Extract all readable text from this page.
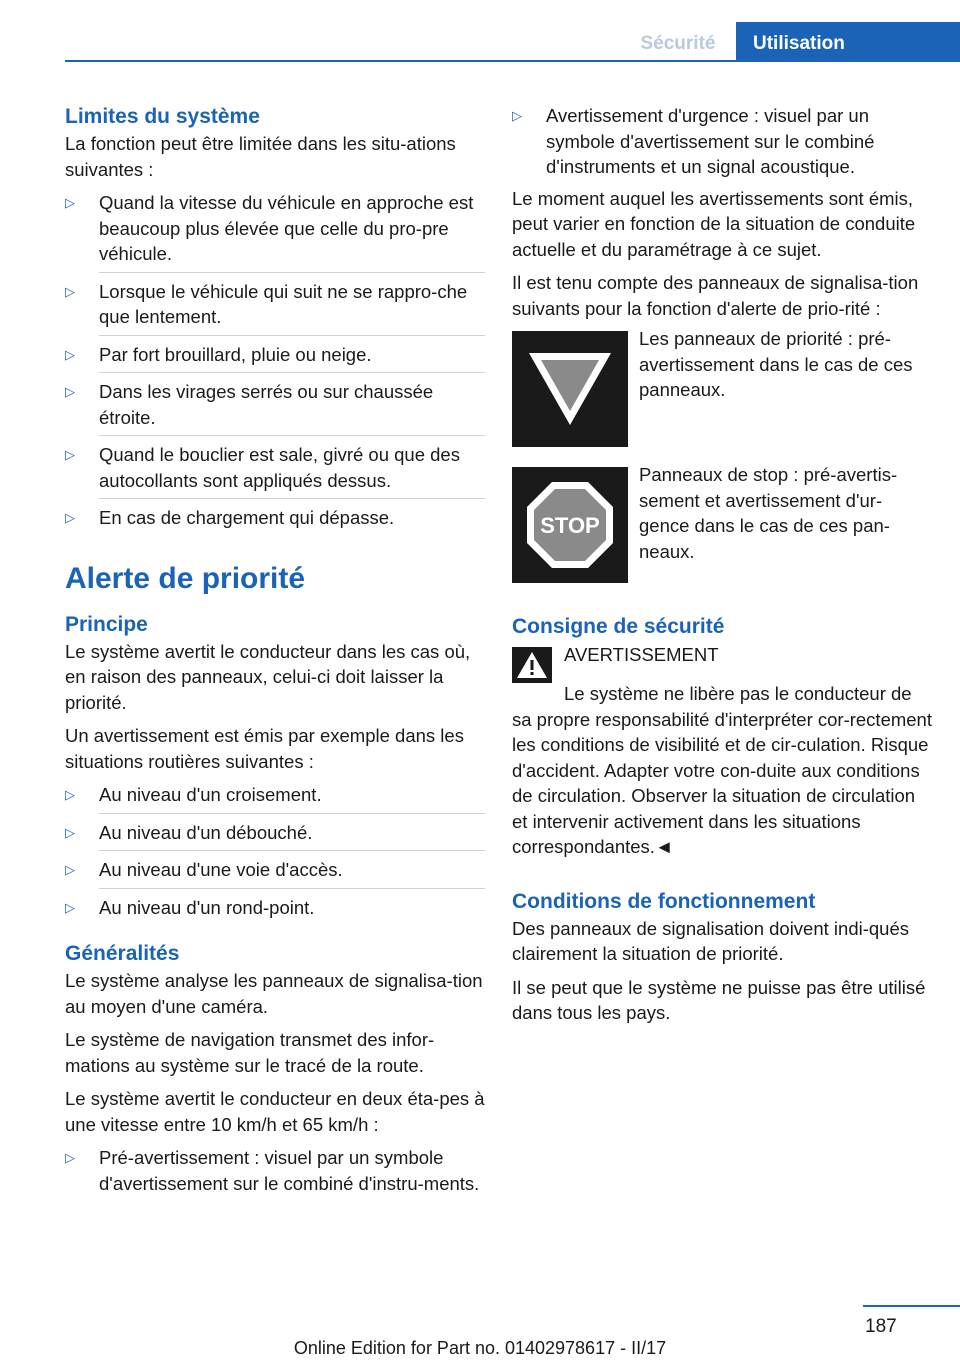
Sécurité	Utilisation
Limites du système

La fonction peut être limitée dans les situ-ations suivantes :

▷ Quand la vitesse du véhicule en approche est beaucoup plus élevée que celle du pro-pre véhicule.
▷ Lorsque le véhicule qui suit ne se rappro-che que lentement.
▷ Par fort brouillard, pluie ou neige.
▷ Dans les virages serrés ou sur chaussée étroite.
▷ Quand le bouclier est sale, givré ou que des autocollants sont appliqués dessus.
▷ En cas de chargement qui dépasse.
Alerte de priorité
Principe

Le système avertit le conducteur dans les cas où, en raison des panneaux, celui-ci doit laisser la priorité.

Un avertissement est émis par exemple dans les situations routières suivantes :

▷ Au niveau d'un croisement.
▷ Au niveau d'un débouché.
▷ Au niveau d'une voie d'accès.
▷ Au niveau d'un rond-point.
Généralités

Le système analyse les panneaux de signalisa-tion au moyen d'une caméra.

Le système de navigation transmet des infor-mations au système sur le tracé de la route.

Le système avertit le conducteur en deux éta-pes à une vitesse entre 10 km/h et 65 km/h :

▷ Pré-avertissement : visuel par un symbole d'avertissement sur le combiné d'instru-ments.
▷ Avertissement d'urgence : visuel par un symbole d'avertissement sur le combiné d'instruments et un signal acoustique.

Le moment auquel les avertissements sont émis, peut varier en fonction de la situation de conduite actuelle et du paramétrage à ce sujet.

Il est tenu compte des panneaux de signalisa-tion suivants pour la fonction d'alerte de prio-rité :

Les panneaux de priorité : pré-avertissement dans le cas de ces panneaux.
STOP
Panneaux de stop : pré-avertis-sement et avertissement d'ur-gence dans le cas de ces pan-neaux.
Consigne de sécurité
AVERTISSEMENT

Le système ne libère pas le conducteur de sa propre responsabilité d'interpréter cor-rectement les conditions de visibilité et de cir-culation. Risque d'accident. Adapter votre con-duite aux conditions de circulation. Observer la situation de circulation et intervenir activement dans les situations correspondantes.◄

Conditions de fonctionnement

Des panneaux de signalisation doivent indi-qués clairement la situation de priorité.

Il se peut que le système ne puisse pas être utilisé dans tous les pays.

187
Online Edition for Part no. 01402978617 - II/17
